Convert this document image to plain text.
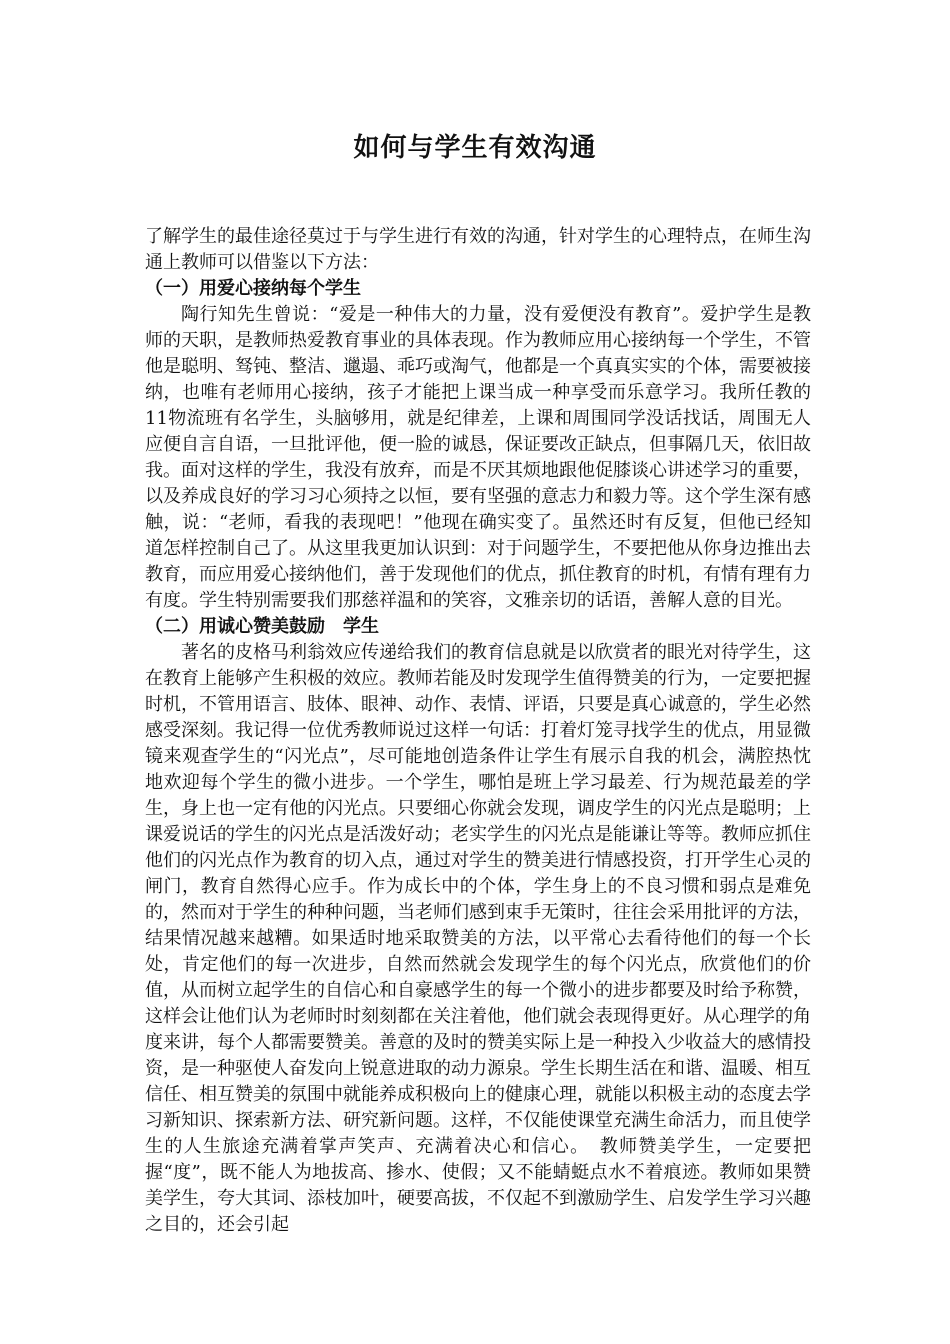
如何与学生有效沟通

了解学生的最佳途径莫过于与学生进行有效的沟通，针对学生的心理特点，在师生沟通上教师可以借鉴以下方法：

（一）用爱心接纳每个学生

陶行知先生曾说：“爱是一种伟大的力量，没有爱便没有教育”。爱护学生是教师的天职，是教师热爱教育事业的具体表现。作为教师应用心接纳每一个学生，不管他是聪明、驽钝、整洁、邋遢、乖巧或淘气，他都是一个真真实实的个体，需要被接纳，也唯有老师用心接纳，孩子才能把上课当成一种享受而乐意学习。我所任教的11物流班有名学生，头脑够用，就是纪律差，上课和周围同学没话找话，周围无人应便自言自语，一旦批评他，便一脸的诚恳，保证要改正缺点，但事隔几天，依旧故我。面对这样的学生，我没有放弃，而是不厌其烦地跟他促膝谈心讲述学习的重要，以及养成良好的学习习心须持之以恒，要有坚强的意志力和毅力等。这个学生深有感触，说：“老师，看我的表现吧！”他现在确实变了。虽然还时有反复，但他已经知道怎样控制自己了。从这里我更加认识到：对于问题学生，不要把他从你身边推出去教育，而应用爱心接纳他们，善于发现他们的优点，抓住教育的时机，有情有理有力有度。学生特别需要我们那慈祥温和的笑容，文雅亲切的话语，善解人意的目光。

（二）用诚心赞美鼓励　学生

著名的皮格马利翁效应传递给我们的教育信息就是以欣赏者的眼光对待学生，这在教育上能够产生积极的效应。教师若能及时发现学生值得赞美的行为，一定要把握时机，不管用语言、肢体、眼神、动作、表情、评语，只要是真心诚意的，学生必然感受深刻。我记得一位优秀教师说过这样一句话：打着灯笼寻找学生的优点，用显微镜来观查学生的“闪光点”，尽可能地创造条件让学生有展示自我的机会，满腔热忱地欢迎每个学生的微小进步。一个学生，哪怕是班上学习最差、行为规范最差的学生，身上也一定有他的闪光点。只要细心你就会发现，调皮学生的闪光点是聪明；上课爱说话的学生的闪光点是活泼好动；老实学生的闪光点是能谦让等等。教师应抓住他们的闪光点作为教育的切入点，通过对学生的赞美进行情感投资，打开学生心灵的闸门，教育自然得心应手。作为成长中的个体，学生身上的不良习惯和弱点是难免的，然而对于学生的种种问题，当老师们感到束手无策时，往往会采用批评的方法，结果情况越来越糟。如果适时地采取赞美的方法，以平常心去看待他们的每一个长处，肯定他们的每一次进步，自然而然就会发现学生的每个闪光点，欣赏他们的价值，从而树立起学生的自信心和自豪感学生的每一个微小的进步都要及时给予称赞，这样会让他们认为老师时时刻刻都在关注着他，他们就会表现得更好。从心理学的角度来讲，每个人都需要赞美。善意的及时的赞美实际上是一种投入少收益大的感情投资，是一种驱使人奋发向上锐意进取的动力源泉。学生长期生活在和谐、温暖、相互信任、相互赞美的氛围中就能养成积极向上的健康心理，就能以积极主动的态度去学习新知识、探索新方法、研究新问题。这样，不仅能使课堂充满生命活力，而且使学生的人生旅途充满着掌声笑声、充满着决心和信心。　教师赞美学生，一定要把握“度”，既不能人为地拔高、掺水、使假；又不能蜻蜓点水不着痕迹。教师如果赞美学生，夸大其词、添枝加叶，硬要高拔，不仅起不到激励学生、启发学生学习兴趣之目的，还会引起
